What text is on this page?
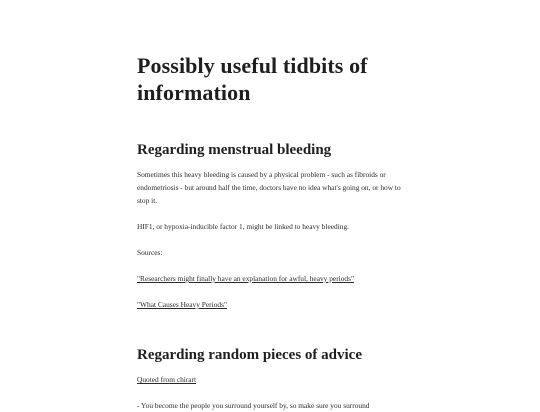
Possibly useful tidbits of information
Regarding menstrual bleeding

Sometimes this heavy bleeding is caused by a physical problem - such as fibroids or endometriosis - but around half the time, doctors have no idea what's going on, or how to stop it.

HIF1, or hypoxia-inducible factor 1, might be linked to heavy bleeding.

Sources:

"Researchers might finally have an explanation for awful, heavy periods"

"What Causes Heavy Periods"

Regarding random pieces of advice

Quoted from chirart

- You become the people you surround yourself by, so make sure you surround
